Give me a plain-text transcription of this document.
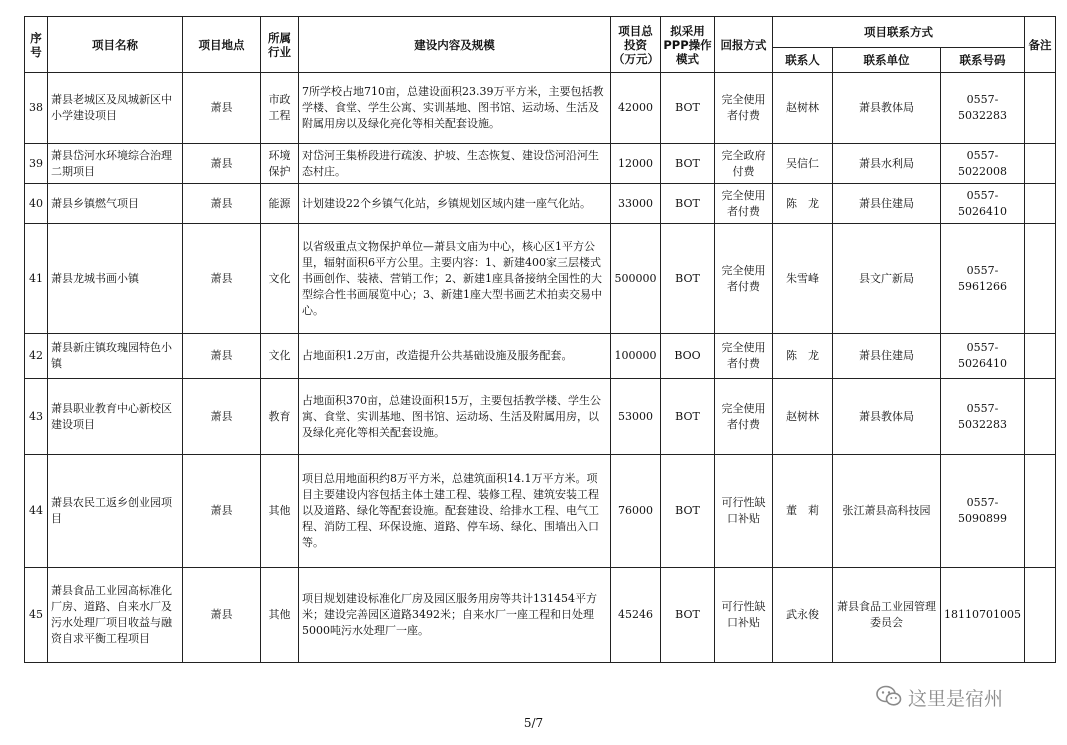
序号	项目名称	项目地点	所属行业	建设内容及规模	项目总投资（万元）	拟采用PPP操作模式	回报方式	项目联系方式			备注
								联系人	联系单位	联系号码	
38	萧县老城区及凤城新区中小学建设项目	萧县	市政工程	7所学校占地710亩，总建设面积23.39万平方米，主要包括教学楼、食堂、学生公寓、实训基地、图书馆、运动场、生活及附属用房以及绿化亮化等相关配套设施。	42000	BOT	完全使用者付费	赵树林	萧县教体局	0557-5032283	
39	萧县岱河水环境综合治理二期项目	萧县	环境保护	对岱河王集桥段进行疏浚、护坡、生态恢复、建设岱河沿河生态村庄。	12000	BOT	完全政府付费	吴信仁	萧县水利局	0557-5022008	
40	萧县乡镇燃气项目	萧县	能源	计划建设22个乡镇气化站，乡镇规划区域内建一座气化站。	33000	BOT	完全使用者付费	陈　龙	萧县住建局	0557-5026410	
41	萧县龙城书画小镇	萧县	文化	以省级重点文物保护单位—萧县文庙为中心，核心区1平方公里，辐射面积6平方公里。主要内容：1、新建400家三层楼式书画创作、装裱、营销工作；2、新建1座具备接纳全国性的大型综合性书画展览中心；3、新建1座大型书画艺术拍卖交易中心。	500000	BOT	完全使用者付费	朱雪峰	县文广新局	0557-5961266	
42	萧县新庄镇玫瑰园特色小镇	萧县	文化	占地面积1.2万亩，改造提升公共基础设施及服务配套。	100000	BOO	完全使用者付费	陈　龙	萧县住建局	0557-5026410	
43	萧县职业教育中心新校区建设项目	萧县	教育	占地面积370亩，总建设面积15万，主要包括教学楼、学生公寓、食堂、实训基地、图书馆、运动场、生活及附属用房，以及绿化亮化等相关配套设施。	53000	BOT	完全使用者付费	赵树林	萧县教体局	0557-5032283	
44	萧县农民工返乡创业园项目	萧县	其他	项目总用地面积约8万平方米，总建筑面积14.1万平方米。项目主要建设内容包括主体土建工程、装修工程、建筑安装工程以及道路、绿化等配套设施。配套建设、给排水工程、电气工程、消防工程、环保设施、道路、停车场、绿化、围墙出入口等。	76000	BOT	可行性缺口补贴	董　莉	张江萧县高科技园	0557-5090899	
45	萧县食品工业园高标准化厂房、道路、自来水厂及污水处理厂项目收益与融资自求平衡工程项目	萧县	其他	项目规划建设标准化厂房及园区服务用房等共计131454平方米；建设完善园区道路3492米；自来水厂一座工程和日处理5000吨污水处理厂一座。	45246	BOT	可行性缺口补贴	武永俊	萧县食品工业园管理委员会	18110701005	
这里是宿州
5/7
